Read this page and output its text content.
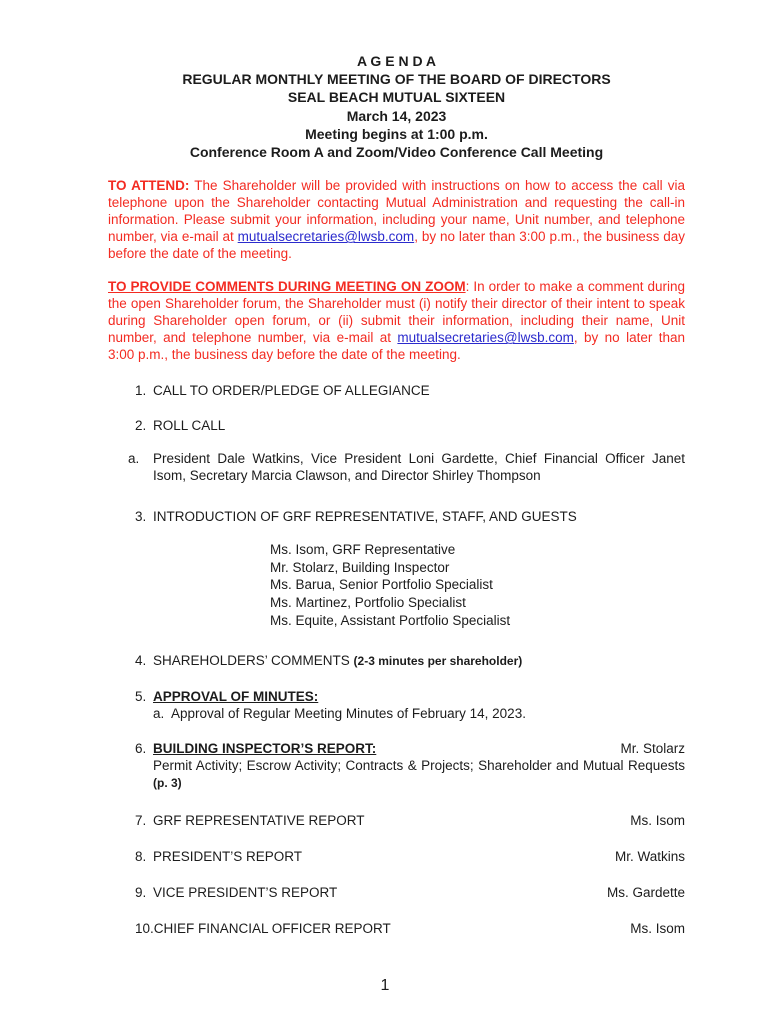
A G E N D A
REGULAR MONTHLY MEETING OF THE BOARD OF DIRECTORS
SEAL BEACH MUTUAL SIXTEEN
March 14, 2023
Meeting begins at 1:00 p.m.
Conference Room A and Zoom/Video Conference Call Meeting

TO ATTEND: The Shareholder will be provided with instructions on how to access the call via telephone upon the Shareholder contacting Mutual Administration and requesting the call-in information. Please submit your information, including your name, Unit number, and telephone number, via e-mail at mutualsecretaries@lwsb.com, by no later than 3:00 p.m., the business day before the date of the meeting.

TO PROVIDE COMMENTS DURING MEETING ON ZOOM: In order to make a comment during the open Shareholder forum, the Shareholder must (i) notify their director of their intent to speak during Shareholder open forum, or (ii) submit their information, including their name, Unit number, and telephone number, via e-mail at mutualsecretaries@lwsb.com, by no later than 3:00 p.m., the business day before the date of the meeting.

1. CALL TO ORDER/PLEDGE OF ALLEGIANCE
2. ROLL CALL
a.	President Dale Watkins, Vice President Loni Gardette, Chief Financial Officer Janet Isom, Secretary Marcia Clawson, and Director Shirley Thompson
3. INTRODUCTION OF GRF REPRESENTATIVE, STAFF, AND GUESTS
Ms. Isom, GRF Representative
Mr. Stolarz, Building Inspector
Ms. Barua, Senior Portfolio Specialist
Ms. Martinez, Portfolio Specialist
Ms. Equite, Assistant Portfolio Specialist
4. SHAREHOLDERS’ COMMENTS (2-3 minutes per shareholder)
5. APPROVAL OF MINUTES:
a. Approval of Regular Meeting Minutes of February 14, 2023.
6. BUILDING INSPECTOR’S REPORT:	Mr. Stolarz
Permit Activity; Escrow Activity; Contracts & Projects; Shareholder and Mutual Requests (p. 3)
7. GRF REPRESENTATIVE REPORT	Ms. Isom
8. PRESIDENT’S REPORT	Mr. Watkins
9. VICE PRESIDENT’S REPORT	Ms. Gardette
10. CHIEF FINANCIAL OFFICER REPORT	Ms. Isom
1
